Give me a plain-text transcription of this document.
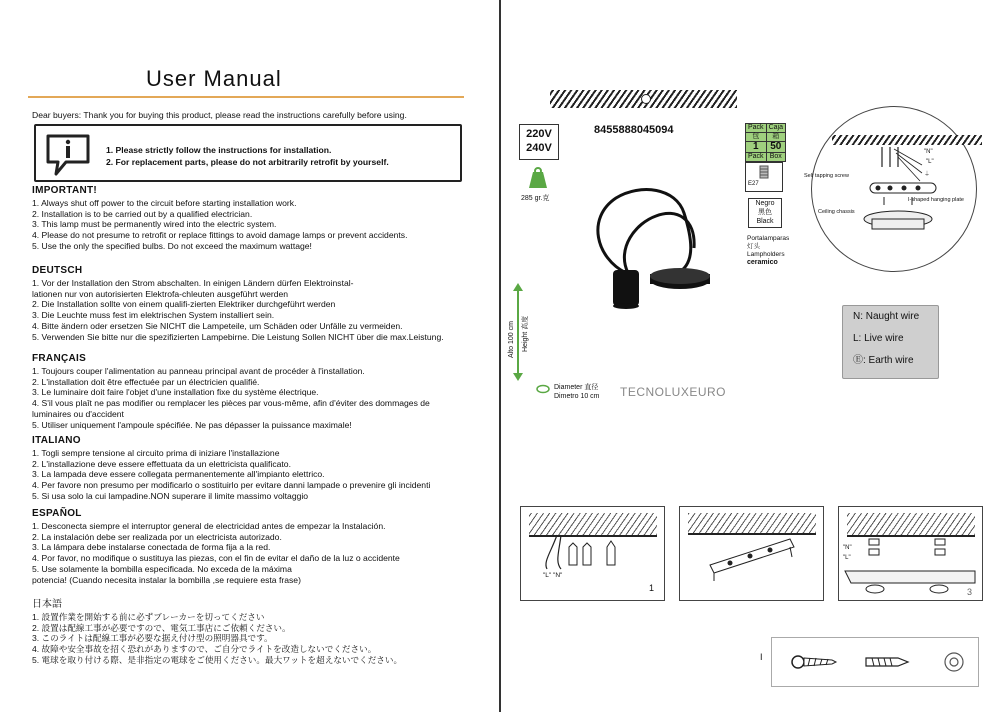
User Manual
Dear buyers: Thank you for buying this product, please read the instructions carefully before using.
1. Please strictly follow the instructions for installation.
2. For replacement parts, please do not arbitrarily retrofit by yourself.
IMPORTANT!
1. Always shut off power to the circuit before starting installation work.
2. Installation is to be carried out by a qualified electrician.
3. This lamp must be permanently wired into the electric system.
4. Please do not presume to retrofit or replace fittings to avoid damage lamps or prevent accidents.
5. Use the only the specified bulbs. Do not exceed the maximum wattage!
DEUTSCH
1. Vor der Installation den Strom abschalten. In einigen Ländern dürfen Elektroinstal-
lationen nur von autorisierten Elektrofa-chleuten ausgeführt werden
2. Die Installation sollte von einem qualifi-zierten Elektriker durchgeführt werden
3. Die Leuchte muss fest im elektrischen System installiert sein.
4. Bitte ändern oder ersetzen Sie NICHT die Lampeteile, um Schäden oder Unfälle zu vermeiden.
5. Verwenden Sie bitte nur die spezifizierten Lampebirne. Die Leistung Sollen NICHT über die max.Leistung.
FRANÇAIS
1. Toujours couper l'alimentation au panneau principal avant de procéder à l'installation.
2. L'installation doit être effectuée par un électricien qualifié.
3. Le luminaire doit faire l'objet d'une installation fixe du système électrique.
4. S'il vous plaît ne pas modifier ou remplacer les pièces par vous-même, afin d'éviter des dommages de
luminaires ou d'accident
5. Utiliser uniquement l'ampoule spécifiée. Ne pas dépasser la puissance maximale!
ITALIANO
1. Togli sempre tensione al circuito prima di iniziare l'installazione
2. L'installazione deve essere effettuata da un elettricista qualificato.
3. La lampada deve essere collegata permanentemente all'impianto elettrico.
4. Per favore non presumo per modificarlo o sostituirlo per evitare danni lampade o prevenire gli incidenti
5. Si usa solo la cui lampadine.NON superare il limite massimo voltaggio
ESPAÑOL
1. Desconecta siempre el interruptor general de electricidad antes de empezar la Instalación.
2. La instalación debe ser realizada por un electricista autorizado.
3. La lámpara debe instalarse conectada de forma fija a la red.
4. Por favor, no modifique o sustituya las piezas, con el fin de evitar el daño de la luz o accidente
5. Use solamente la bombilla especificada. No exceda de la máxima
potencia! (Cuando necesita instalar la bombilla ,se requiere esta frase)
日本語
1. 設置作業を開始する前に必ずブレーカーを切ってください
2. 設置は配線工事が必要ですので、電気工事店にご依頼ください。
3. このライトは配線工事が必要な据え付け型の照明器具です。
4. 故障や安全事故を招く恐れがありますので、ご自分でライトを改造しないでください。
5. 電球を取り付ける際、是非指定の電球をご使用ください。最大ワットを超えないでください。
220V
240V
8455888045094
285 gr.克
Pack	Caja
包	箱
1	50
Pack	Box
E27
Negro
黑色
Black
Portalamparas
灯头
Lampholders
ceramico
Alto 100 cm Height 高度
Diameter 直径
Dimetro 10 cm TECNOLUXEURO
"N"
"L"
⏚
Self tapping screw
I-shaped hanging plate
Ceiling chassis
N: Naught wire
L: Live wire
Ⓔ: Earth wire
"L" "N"
1
"N"
"L"
3
I
